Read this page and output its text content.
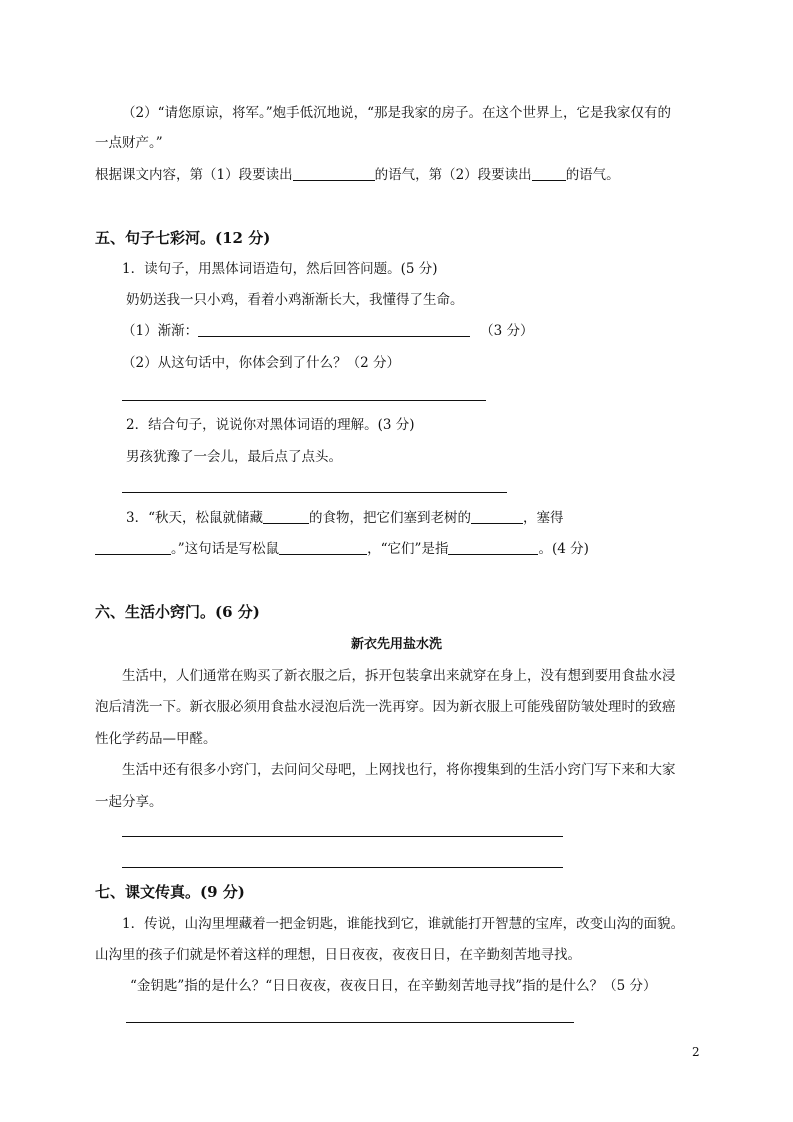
（2）“请您原谅，将军。”炮手低沉地说，“那是我家的房子。在这个世界上，它是我家仅有的
一点财产。”
根据课文内容，第（1）段要读出	的语气，第（2）段要读出	的语气。
五、句子七彩河。(12 分)
1．读句子，用黑体词语造句，然后回答问题。(5 分)
奶奶送我一只小鸡，看着小鸡渐渐长大，我懂得了生命。
（1）渐渐：	（3 分）
（2）从这句话中，你体会到了什么？（2 分）
2．结合句子，说说你对黑体词语的理解。(3 分)
男孩犹豫了一会儿，最后点了点头。
3．“秋天，松鼠就储藏	的食物，把它们塞到老树的	，塞得
。”这句话是写松鼠	，“它们”是指	。(4 分)
六、生活小窍门。(6 分)
新衣先用盐水洗
生活中，人们通常在购买了新衣服之后，拆开包装拿出来就穿在身上，没有想到要用食盐水浸
泡后清洗一下。新衣服必须用食盐水浸泡后洗一洗再穿。因为新衣服上可能残留防皱处理时的致癌
性化学药品—甲醛。
生活中还有很多小窍门，去问问父母吧，上网找也行，将你搜集到的生活小窍门写下来和大家
一起分享。
七、课文传真。(9 分)
1．传说，山沟里埋藏着一把金钥匙，谁能找到它，谁就能打开智慧的宝库，改变山沟的面貌。
山沟里的孩子们就是怀着这样的理想，日日夜夜，夜夜日日，在辛勤刻苦地寻找。
“金钥匙”指的是什么？“日日夜夜，夜夜日日，在辛勤刻苦地寻找”指的是什么？（5 分）
2
